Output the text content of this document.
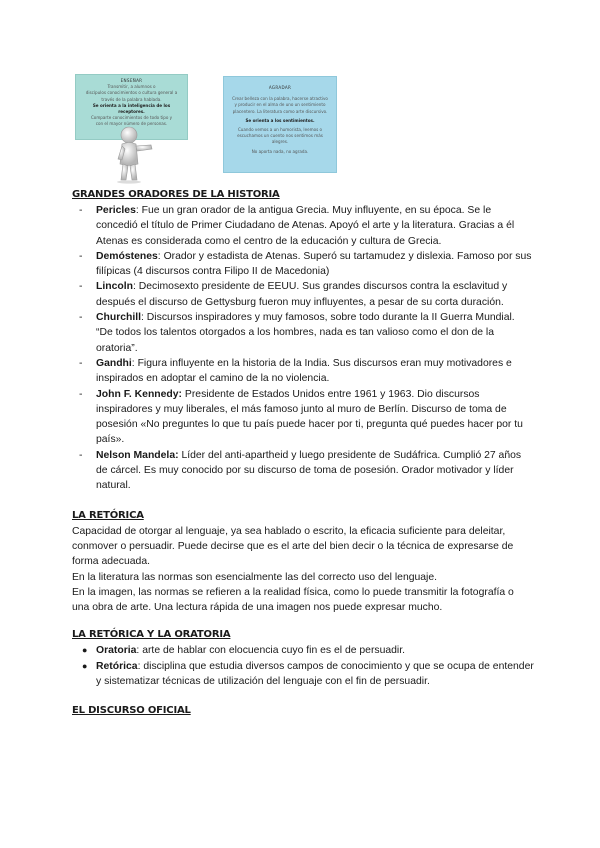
ENSEÑAR
Transmitir, a alumnos o
discípulos conocimientos o cultura general a
través de la palabra hablada.
Se orienta a la inteligencia de los receptores.
Comparte conocimientos de todo tipo y
con el mayor número de personas.
AGRADAR
Crear belleza con la palabra, hacerse atractivo
y producir en el alma de uno un sentimiento
placentero. La literatura como arte discursivo.
Se orienta a los sentimientos.
Cuando vemos a un humorista, leemos o
escuchamos un cuento nos sentimos más
alegres.
No aporta nada, no agrada.
GRANDES ORADORES DE LA HISTORIA
- Pericles: Fue un gran orador de la antigua Grecia. Muy influyente, en su época. Se le concedió el título de Primer Ciudadano de Atenas. Apoyó el arte y la literatura. Gracias a él Atenas es considerada como el centro de la educación y cultura de Grecia.
- Demóstenes: Orador y estadista de Atenas. Superó su tartamudez y dislexia. Famoso por sus filípicas (4 discursos contra Filipo II de Macedonia)
- Lincoln: Decimosexto presidente de EEUU. Sus grandes discursos contra la esclavitud y después el discurso de Gettysburg fueron muy influyentes, a pesar de su corta duración.
- Churchill: Discursos inspiradores y muy famosos, sobre todo durante la II Guerra Mundial. “De todos los talentos otorgados a los hombres, nada es tan valioso como el don de la oratoria”.
- Gandhi: Figura influyente en la historia de la India. Sus discursos eran muy motivadores e inspirados en adoptar el camino de la no violencia.
- John F. Kennedy: Presidente de Estados Unidos entre 1961 y 1963. Dio discursos inspiradores y muy liberales, el más famoso junto al muro de Berlín. Discurso de toma de posesión «No preguntes lo que tu país puede hacer por ti, pregunta qué puedes hacer por tu país».
- Nelson Mandela: Líder del anti-apartheid y luego presidente de Sudáfrica. Cumplió 27 años de cárcel. Es muy conocido por su discurso de toma de posesión. Orador motivador y líder natural.
LA RETÓRICA

Capacidad de otorgar al lenguaje, ya sea hablado o escrito, la eficacia suficiente para deleitar, conmover o persuadir. Puede decirse que es el arte del bien decir o la técnica de expresarse de forma adecuada.

En la literatura las normas son esencialmente las del correcto uso del lenguaje.

En la imagen, las normas se refieren a la realidad física, como lo puede transmitir la fotografía o una obra de arte. Una lectura rápida de una imagen nos puede expresar mucho.

LA RETÓRICA Y LA ORATORIA
● Oratoria: arte de hablar con elocuencia cuyo fin es el de persuadir.
● Retórica: disciplina que estudia diversos campos de conocimiento y que se ocupa de entender y sistematizar técnicas de utilización del lenguaje con el fin de persuadir.
EL DISCURSO OFICIAL
